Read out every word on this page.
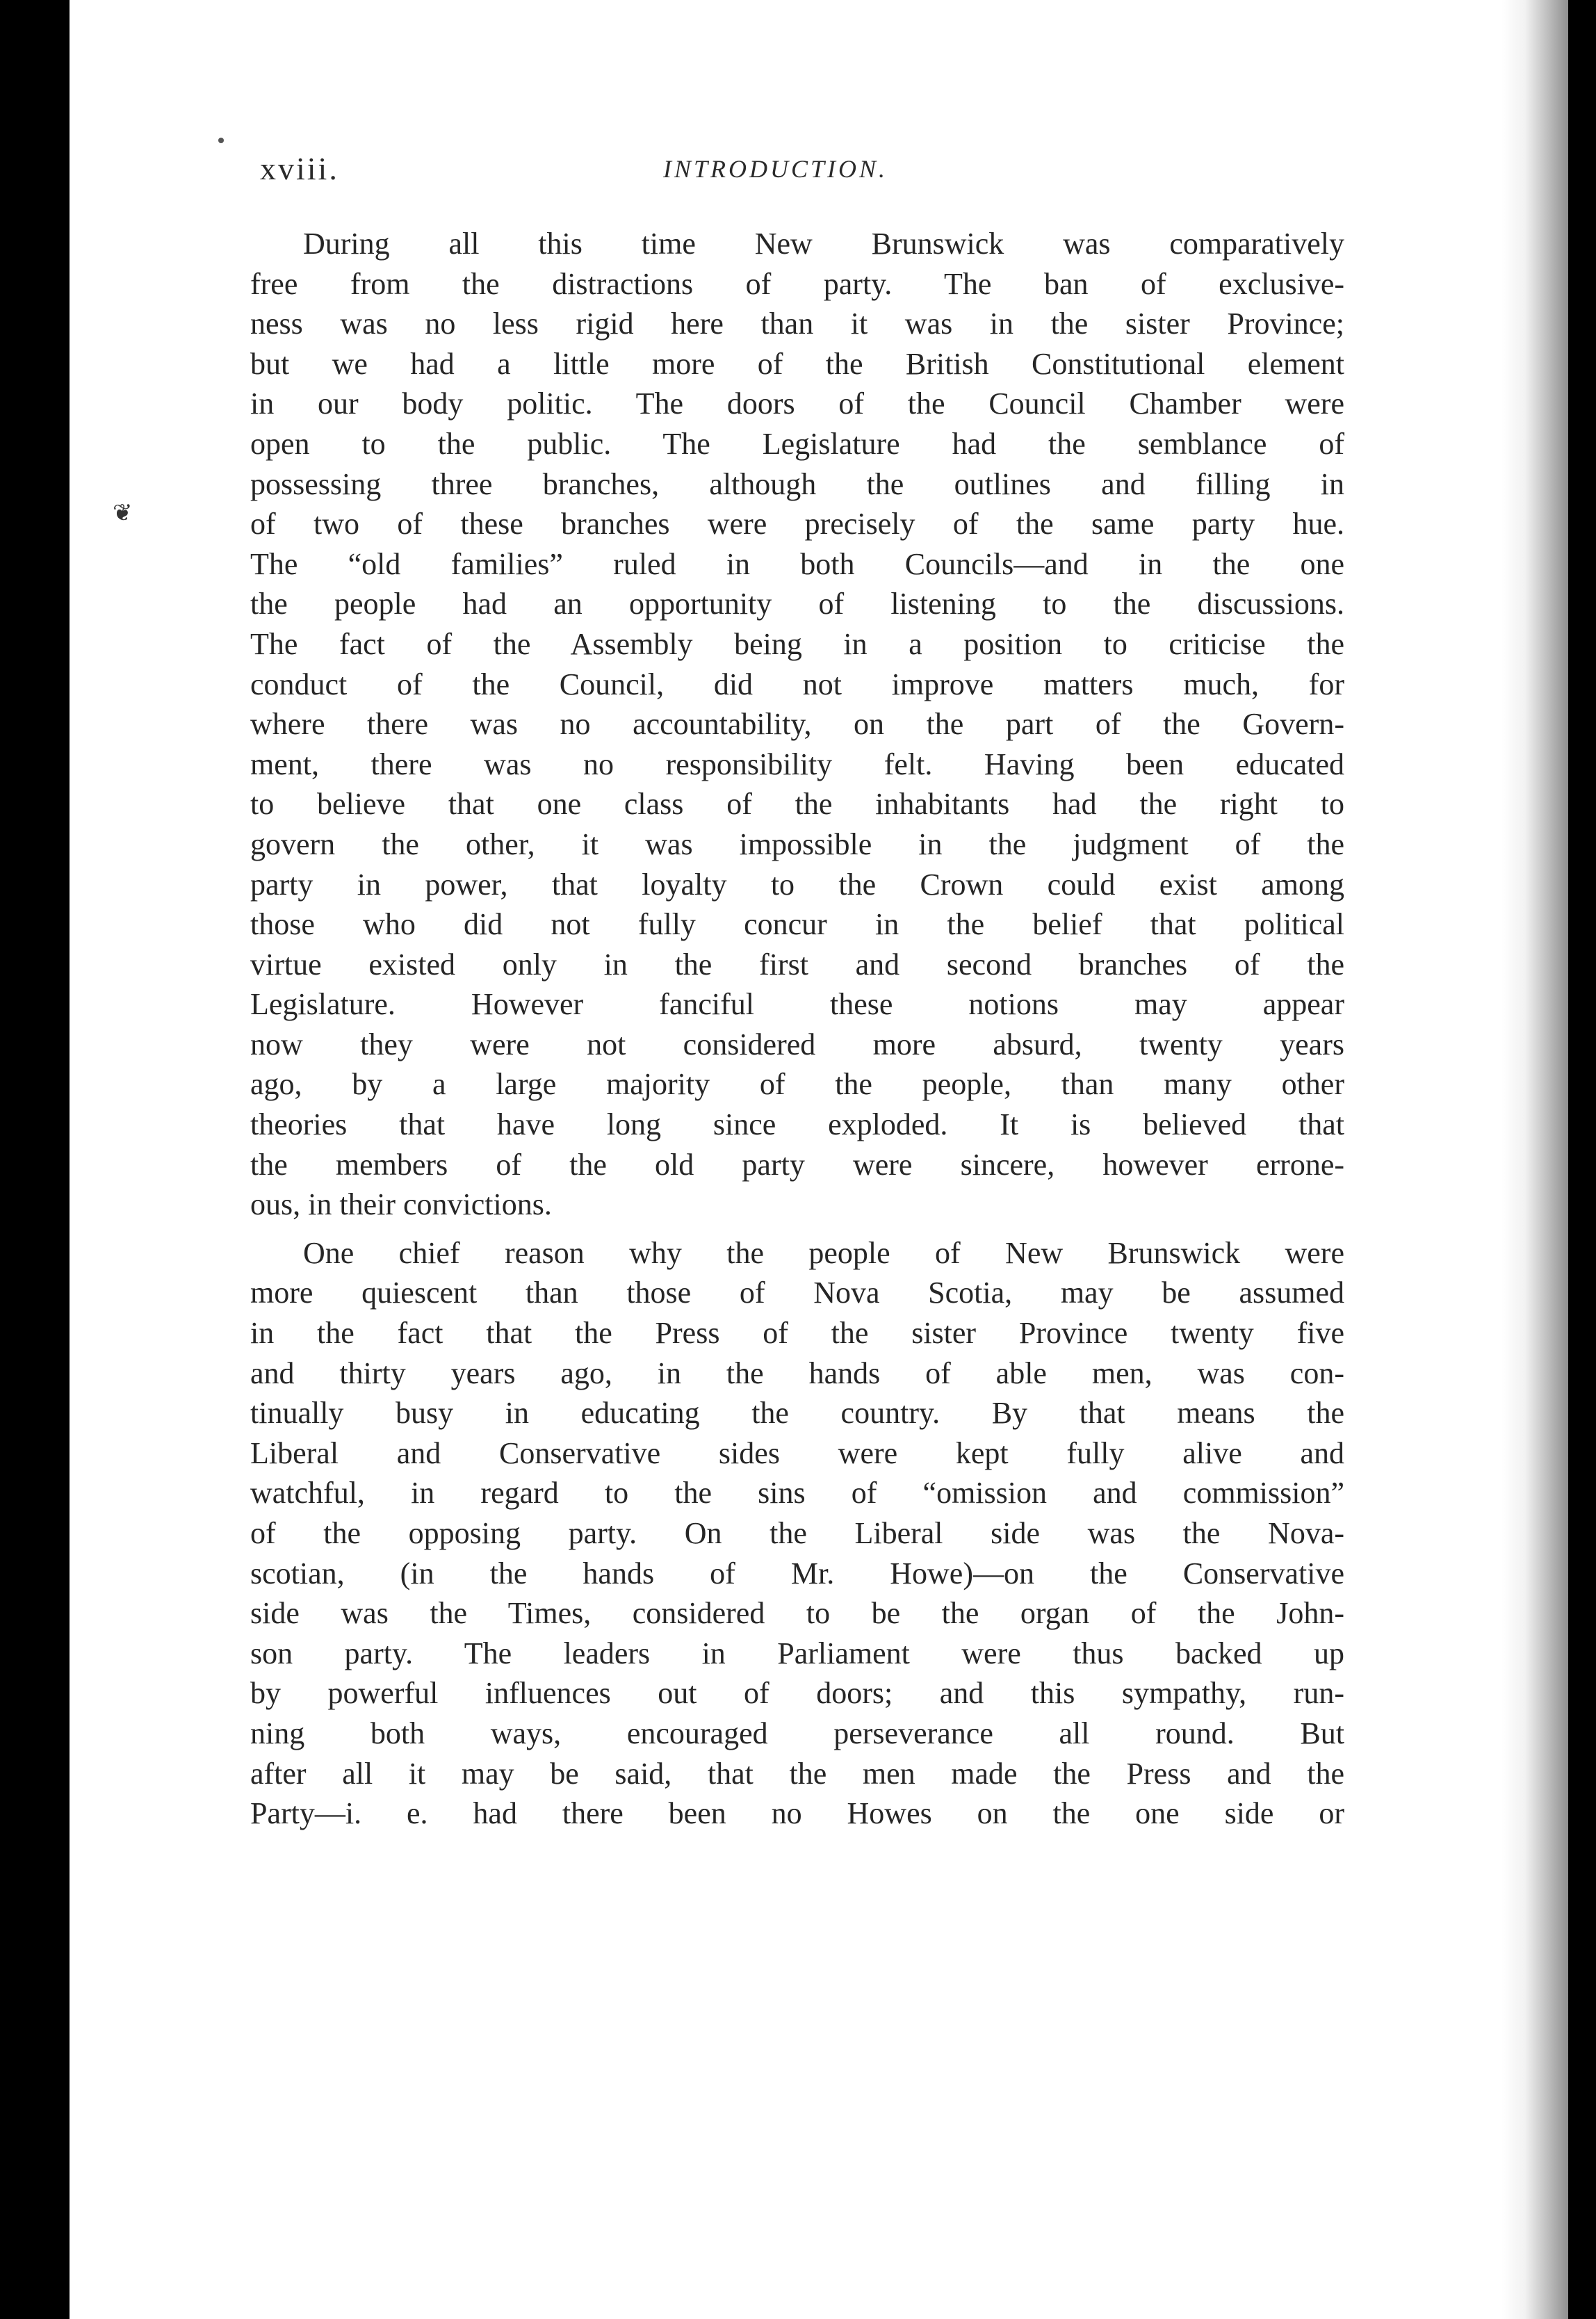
❦
xviii.	INTRODUCTION.
During all this time New Brunswick was comparatively
free from the distractions of party. The ban of exclusive-
ness was no less rigid here than it was in the sister Province;
but we had a little more of the British Constitutional element
in our body politic. The doors of the Council Chamber were
open to the public. The Legislature had the semblance of
possessing three branches, although the outlines and filling in
of two of these branches were precisely of the same party hue.
The “old families” ruled in both Councils—and in the one
the people had an opportunity of listening to the discussions.
The fact of the Assembly being in a position to criticise the
conduct of the Council, did not improve matters much, for
where there was no accountability, on the part of the Govern-
ment, there was no responsibility felt. Having been educated
to believe that one class of the inhabitants had the right to
govern the other, it was impossible in the judgment of the
party in power, that loyalty to the Crown could exist among
those who did not fully concur in the belief that political
virtue existed only in the first and second branches of the
Legislature. However fanciful these notions may appear
now they were not considered more absurd, twenty years
ago, by a large majority of the people, than many other
theories that have long since exploded. It is believed that
the members of the old party were sincere, however errone-
ous, in their convictions.
One chief reason why the people of New Brunswick were
more quiescent than those of Nova Scotia, may be assumed
in the fact that the Press of the sister Province twenty five
and thirty years ago, in the hands of able men, was con-
tinually busy in educating the country. By that means the
Liberal and Conservative sides were kept fully alive and
watchful, in regard to the sins of “omission and commission”
of the opposing party. On the Liberal side was the Nova-
scotian, (in the hands of Mr. Howe)—on the Conservative
side was the Times, considered to be the organ of the John-
son party. The leaders in Parliament were thus backed up
by powerful influences out of doors; and this sympathy, run-
ning both ways, encouraged perseverance all round. But
after all it may be said, that the men made the Press and the
Party—i. e. had there been no Howes on the one side or
